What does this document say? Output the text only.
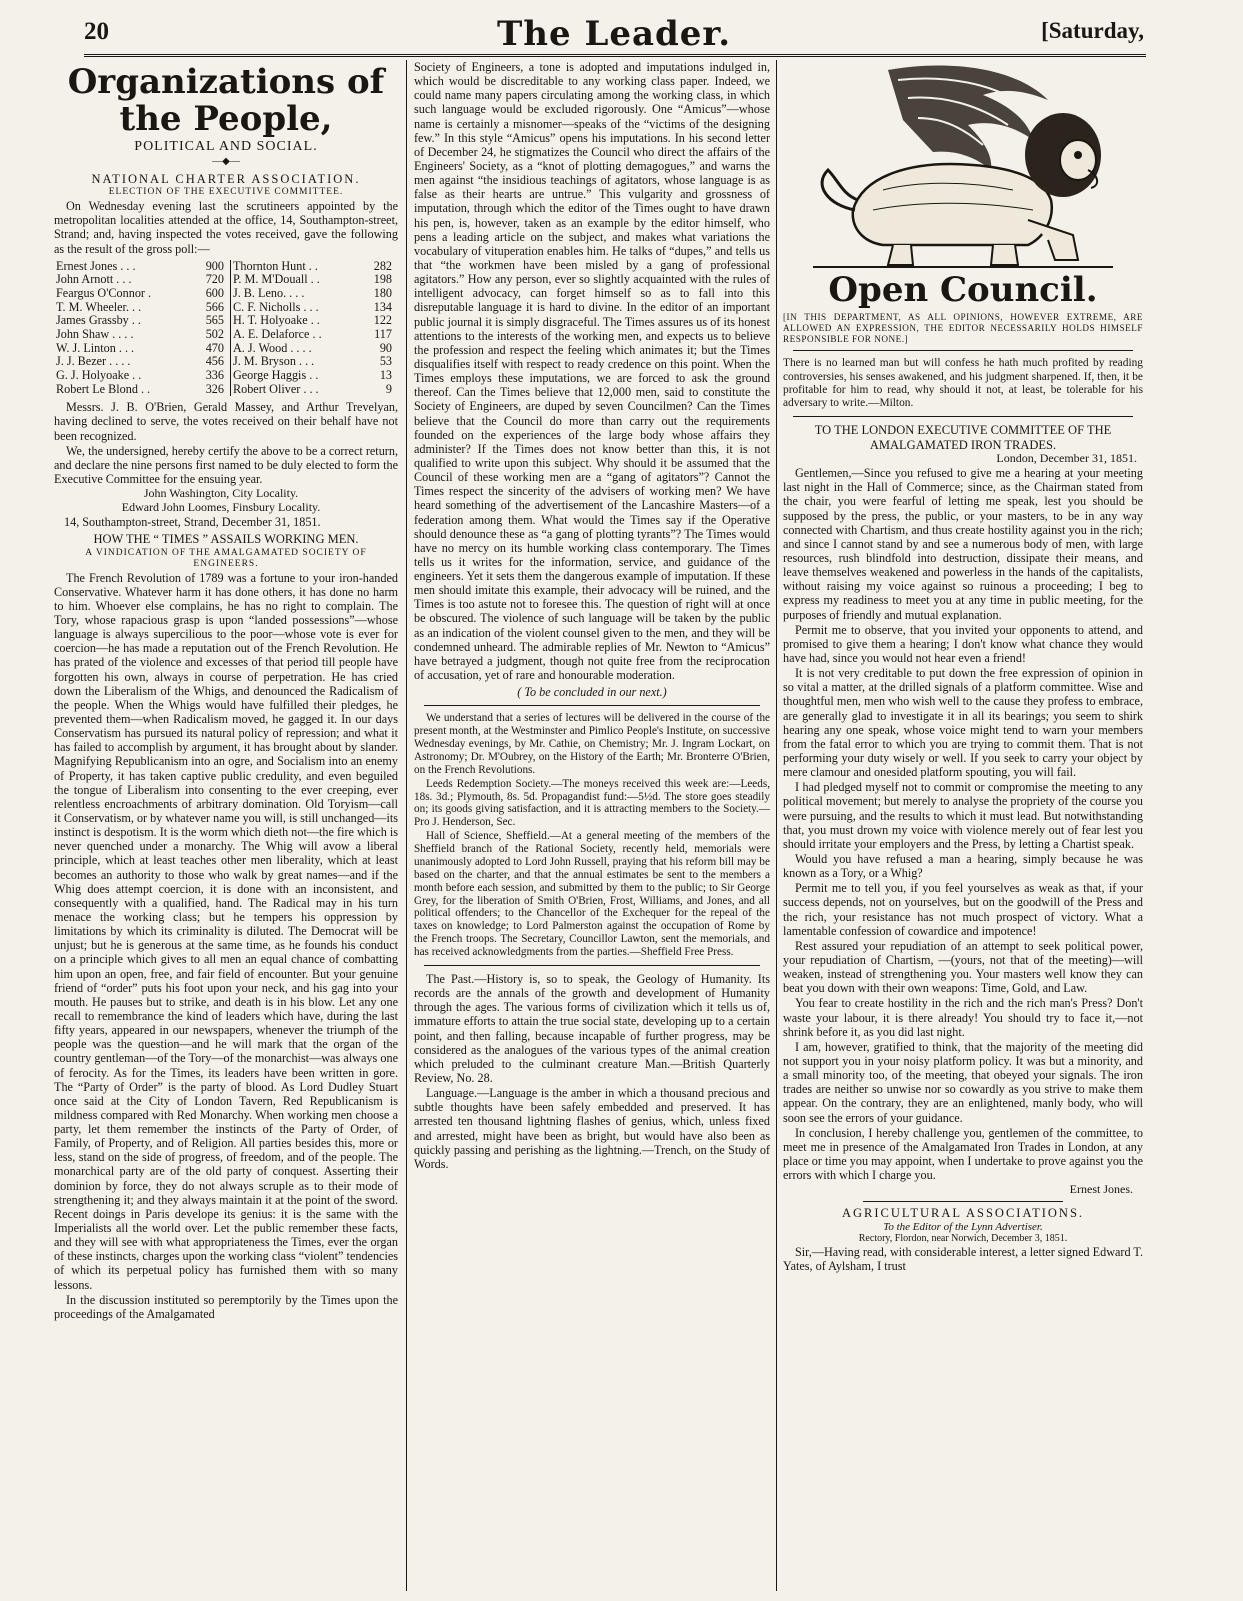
20	The Leader.	[ Saturday,
Organizations of the People,
POLITICAL AND SOCIAL.
—◆—
NATIONAL CHARTER ASSOCIATION.
ELECTION OF THE EXECUTIVE COMMITTEE.

On Wednesday evening last the scrutineers appointed by the metropolitan localities attended at the office, 14, Southampton-street, Strand; and, having inspected the votes received, gave the following as the result of the gross poll:—

Ernest Jones . . .	900	Thornton Hunt . .	282
John Arnott . . .	720	P. M. M'Douall . .	198
Feargus O'Connor .	600	J. B. Leno. . . .	180
T. M. Wheeler. . .	566	C. F. Nicholls . . .	134
James Grassby . .	565	H. T. Holyoake . .	122
John Shaw . . . .	502	A. E. Delaforce . .	117
W. J. Linton . . .	470	A. J. Wood . . . .	90
J. J. Bezer . . . .	456	J. M. Bryson . . .	53
G. J. Holyoake . .	336	George Haggis . .	13
Robert Le Blond . .	326	Robert Oliver . . .	9

Messrs. J. B. O'Brien, Gerald Massey, and Arthur Trevelyan, having declined to serve, the votes received on their behalf have not been recognized.

We, the undersigned, hereby certify the above to be a correct return, and declare the nine persons first named to be duly elected to form the Executive Committee for the ensuing year.

John Washington, City Locality.
Edward John Loomes, Finsbury Locality.
14, Southampton-street, Strand, December 31, 1851.
HOW THE “ TIMES ” ASSAILS WORKING MEN.
A VINDICATION OF THE AMALGAMATED SOCIETY OF ENGINEERS.

The French Revolution of 1789 was a fortune to your iron-handed Conservative. Whatever harm it has done others, it has done no harm to him. Whoever else complains, he has no right to complain. The Tory, whose rapacious grasp is upon “landed possessions”—whose language is always supercilious to the poor—whose vote is ever for coercion—he has made a reputation out of the French Revolution. He has prated of the violence and excesses of that period till people have forgotten his own, always in course of perpetration. He has cried down the Liberalism of the Whigs, and denounced the Radicalism of the people. When the Whigs would have fulfilled their pledges, he prevented them—when Radicalism moved, he gagged it. In our days Conservatism has pursued its natural policy of repression; and what it has failed to accomplish by argument, it has brought about by slander. Magnifying Republicanism into an ogre, and Socialism into an enemy of Property, it has taken captive public credulity, and even beguiled the tongue of Liberalism into consenting to the ever creeping, ever relentless encroachments of arbitrary domination. Old Toryism—call it Conservatism, or by whatever name you will, is still unchanged—its instinct is despotism. It is the worm which dieth not—the fire which is never quenched under a monarchy. The Whig will avow a liberal principle, which at least teaches other men liberality, which at least becomes an authority to those who walk by great names—and if the Whig does attempt coercion, it is done with an inconsistent, and consequently with a qualified, hand. The Radical may in his turn menace the working class; but he tempers his oppression by limitations by which its criminality is diluted. The Democrat will be unjust; but he is generous at the same time, as he founds his conduct on a principle which gives to all men an equal chance of combatting him upon an open, free, and fair field of encounter. But your genuine friend of “order” puts his foot upon your neck, and his gag into your mouth. He pauses but to strike, and death is in his blow. Let any one recall to remembrance the kind of leaders which have, during the last fifty years, appeared in our newspapers, whenever the triumph of the people was the question—and he will mark that the organ of the country gentleman—of the Tory—of the monarchist—was always one of ferocity. As for the Times, its leaders have been written in gore. The “Party of Order” is the party of blood. As Lord Dudley Stuart once said at the City of London Tavern, Red Republicanism is mildness compared with Red Monarchy. When working men choose a party, let them remember the instincts of the Party of Order, of Family, of Property, and of Religion. All parties besides this, more or less, stand on the side of progress, of freedom, and of the people. The monarchical party are of the old party of conquest. Asserting their dominion by force, they do not always scruple as to their mode of strengthening it; and they always maintain it at the point of the sword. Recent doings in Paris develope its genius: it is the same with the Imperialists all the world over. Let the public remember these facts, and they will see with what appropriateness the Times, ever the organ of these instincts, charges upon the working class “violent” tendencies of which its perpetual policy has furnished them with so many lessons.

In the discussion instituted so peremptorily by the Times upon the proceedings of the Amalgamated

Society of Engineers, a tone is adopted and imputations indulged in, which would be discreditable to any working class paper. Indeed, we could name many papers circulating among the working class, in which such language would be excluded rigorously. One “Amicus”—whose name is certainly a misnomer—speaks of the “victims of the designing few.” In this style “Amicus” opens his imputations. In his second letter of December 24, he stigmatizes the Council who direct the affairs of the Engineers' Society, as a “knot of plotting demagogues,” and warns the men against “the insidious teachings of agitators, whose language is as false as their hearts are untrue.” This vulgarity and grossness of imputation, through which the editor of the Times ought to have drawn his pen, is, however, taken as an example by the editor himself, who pens a leading article on the subject, and makes what variations the vocabulary of vituperation enables him. He talks of “dupes,” and tells us that “the workmen have been misled by a gang of professional agitators.” How any person, ever so slightly acquainted with the rules of intelligent advocacy, can forget himself so as to fall into this disreputable language it is hard to divine. In the editor of an important public journal it is simply disgraceful. The Times assures us of its honest attentions to the interests of the working men, and expects us to believe the profession and respect the feeling which animates it; but the Times disqualifies itself with respect to ready credence on this point. When the Times employs these imputations, we are forced to ask the ground thereof. Can the Times believe that 12,000 men, said to constitute the Society of Engineers, are duped by seven Councilmen? Can the Times believe that the Council do more than carry out the requirements founded on the experiences of the large body whose affairs they administer? If the Times does not know better than this, it is not qualified to write upon this subject. Why should it be assumed that the Council of these working men are a “gang of agitators”? Cannot the Times respect the sincerity of the advisers of working men? We have heard something of the advertisement of the Lancashire Masters—of a federation among them. What would the Times say if the Operative should denounce these as “a gang of plotting tyrants”? The Times would have no mercy on its humble working class contemporary. The Times tells us it writes for the information, service, and guidance of the engineers. Yet it sets them the dangerous example of imputation. If these men should imitate this example, their advocacy will be ruined, and the Times is too astute not to foresee this. The question of right will at once be obscured. The violence of such language will be taken by the public as an indication of the violent counsel given to the men, and they will be condemned unheard. The admirable replies of Mr. Newton to “Amicus” have betrayed a judgment, though not quite free from the reciprocation of accusation, yet of rare and honourable moderation.

( To be concluded in our next.)

We understand that a series of lectures will be delivered in the course of the present month, at the Westminster and Pimlico People's Institute, on successive Wednesday evenings, by Mr. Cathie, on Chemistry; Mr. J. Ingram Lockart, on Astronomy; Dr. M'Oubrey, on the History of the Earth; Mr. Bronterre O'Brien, on the French Revolutions.

Leeds Redemption Society.—The moneys received this week are:—Leeds, 18s. 3d.; Plymouth, 8s. 5d. Propagandist fund:—5½d. The store goes steadily on; its goods giving satisfaction, and it is attracting members to the Society.—Pro J. Henderson, Sec.

Hall of Science, Sheffield.—At a general meeting of the members of the Sheffield branch of the Rational Society, recently held, memorials were unanimously adopted to Lord John Russell, praying that his reform bill may be based on the charter, and that the annual estimates be sent to the members a month before each session, and submitted by them to the public; to Sir George Grey, for the liberation of Smith O'Brien, Frost, Williams, and Jones, and all political offenders; to the Chancellor of the Exchequer for the repeal of the taxes on knowledge; to Lord Palmerston against the occupation of Rome by the French troops. The Secretary, Councillor Lawton, sent the memorials, and has received acknowledgments from the parties.—Sheffield Free Press.

The Past.—History is, so to speak, the Geology of Humanity. Its records are the annals of the growth and development of Humanity through the ages. The various forms of civilization which it tells us of, immature efforts to attain the true social state, developing up to a certain point, and then falling, because incapable of further progress, may be considered as the analogues of the various types of the animal creation which preluded to the culminant creature Man.—British Quarterly Review, No. 28.

Language.—Language is the amber in which a thousand precious and subtle thoughts have been safely embedded and preserved. It has arrested ten thousand lightning flashes of genius, which, unless fixed and arrested, might have been as bright, but would have also been as quickly passing and perishing as the lightning.—Trench, on the Study of Words.

Open Council.

[IN THIS DEPARTMENT, AS ALL OPINIONS, HOWEVER EXTREME, ARE ALLOWED AN EXPRESSION, THE EDITOR NECESSARILY HOLDS HIMSELF RESPONSIBLE FOR NONE.]

There is no learned man but will confess he hath much profited by reading controversies, his senses awakened, and his judgment sharpened. If, then, it be profitable for him to read, why should it not, at least, be tolerable for his adversary to write.—Milton.

TO THE LONDON EXECUTIVE COMMITTEE OF THE AMALGAMATED IRON TRADES.
London, December 31, 1851.

Gentlemen,—Since you refused to give me a hearing at your meeting last night in the Hall of Commerce; since, as the Chairman stated from the chair, you were fearful of letting me speak, lest you should be supposed by the press, the public, or your masters, to be in any way connected with Chartism, and thus create hostility against you in the rich; and since I cannot stand by and see a numerous body of men, with large resources, rush blindfold into destruction, dissipate their means, and leave themselves weakened and powerless in the hands of the capitalists, without raising my voice against so ruinous a proceeding; I beg to express my readiness to meet you at any time in public meeting, for the purposes of friendly and mutual explanation.

Permit me to observe, that you invited your opponents to attend, and promised to give them a hearing; I don't know what chance they would have had, since you would not hear even a friend!

It is not very creditable to put down the free expression of opinion in so vital a matter, at the drilled signals of a platform committee. Wise and thoughtful men, men who wish well to the cause they profess to embrace, are generally glad to investigate it in all its bearings; you seem to shirk hearing any one speak, whose voice might tend to warn your members from the fatal error to which you are trying to commit them. That is not performing your duty wisely or well. If you seek to carry your object by mere clamour and onesided platform spouting, you will fail.

I had pledged myself not to commit or compromise the meeting to any political movement; but merely to analyse the propriety of the course you were pursuing, and the results to which it must lead. But notwithstanding that, you must drown my voice with violence merely out of fear lest you should irritate your employers and the Press, by letting a Chartist speak.

Would you have refused a man a hearing, simply because he was known as a Tory, or a Whig?

Permit me to tell you, if you feel yourselves as weak as that, if your success depends, not on yourselves, but on the goodwill of the Press and the rich, your resistance has not much prospect of victory. What a lamentable confession of cowardice and impotence!

Rest assured your repudiation of an attempt to seek political power, your repudiation of Chartism, —(yours, not that of the meeting)—will weaken, instead of strengthening you. Your masters well know they can beat you down with their own weapons: Time, Gold, and Law.

You fear to create hostility in the rich and the rich man's Press? Don't waste your labour, it is there already! You should try to face it,—not shrink before it, as you did last night.

I am, however, gratified to think, that the majority of the meeting did not support you in your noisy platform policy. It was but a minority, and a small minority too, of the meeting, that obeyed your signals. The iron trades are neither so unwise nor so cowardly as you strive to make them appear. On the contrary, they are an enlightened, manly body, who will soon see the errors of your guidance.

In conclusion, I hereby challenge you, gentlemen of the committee, to meet me in presence of the Amalgamated Iron Trades in London, at any place or time you may appoint, when I undertake to prove against you the errors with which I charge you.

Ernest Jones.
AGRICULTURAL ASSOCIATIONS.
To the Editor of the Lynn Advertiser.
Rectory, Flordon, near Norwich, December 3, 1851.

Sir,—Having read, with considerable interest, a letter signed Edward T. Yates, of Aylsham, I trust
